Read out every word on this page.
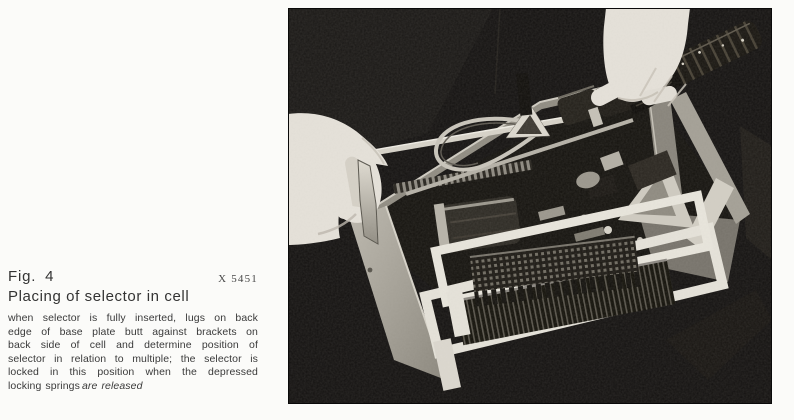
Fig. 4	X 5451
Placing of selector in cell
when selector is fully inserted, lugs on back
edge of base plate butt against brackets on
back side of cell and determine position of
selector in relation to multiple; the selector is
locked in this position when the depressed
locking springs are released
